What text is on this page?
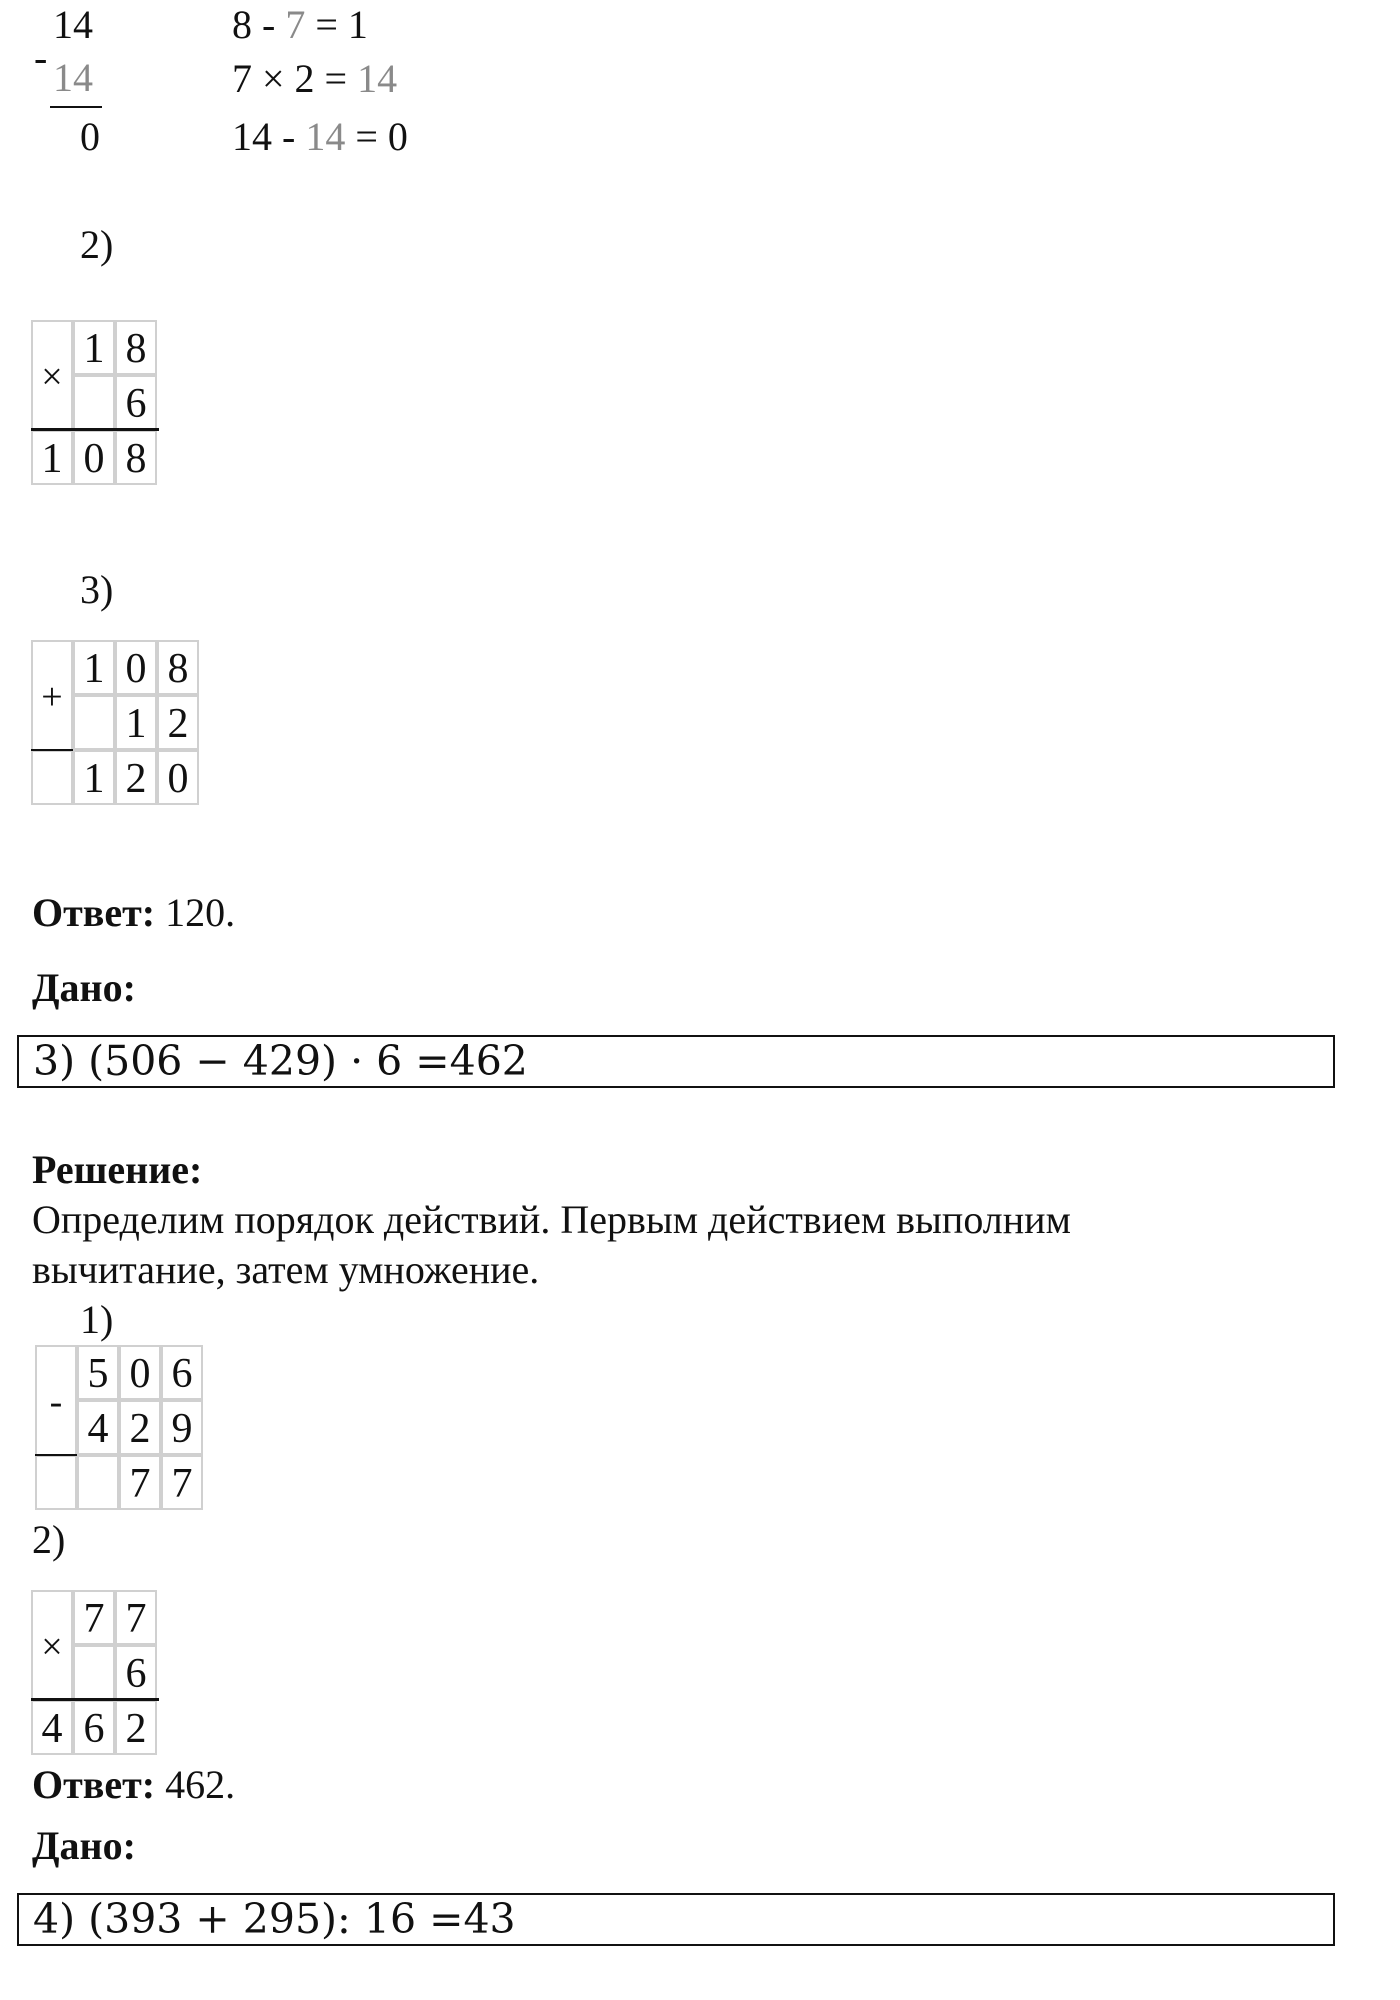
14
- 14
0
8 - 7 = 1
7 × 2 = 14
14 - 14 = 0
2)
×
1 8
6
1 0 8
3)
+
1 0 8
1 2
1 2 0
Ответ: 120.
Дано:
3) (506 − 429) · 6 =462
Решение:
Определим порядок действий. Первым действием выполним
вычитание, затем умножение.
1)
-
5 0 6
4 2 9
7 7
2)
×
7 7
6
4 6 2
Ответ: 462.
Дано:
4) (393 + 295): 16 =43
